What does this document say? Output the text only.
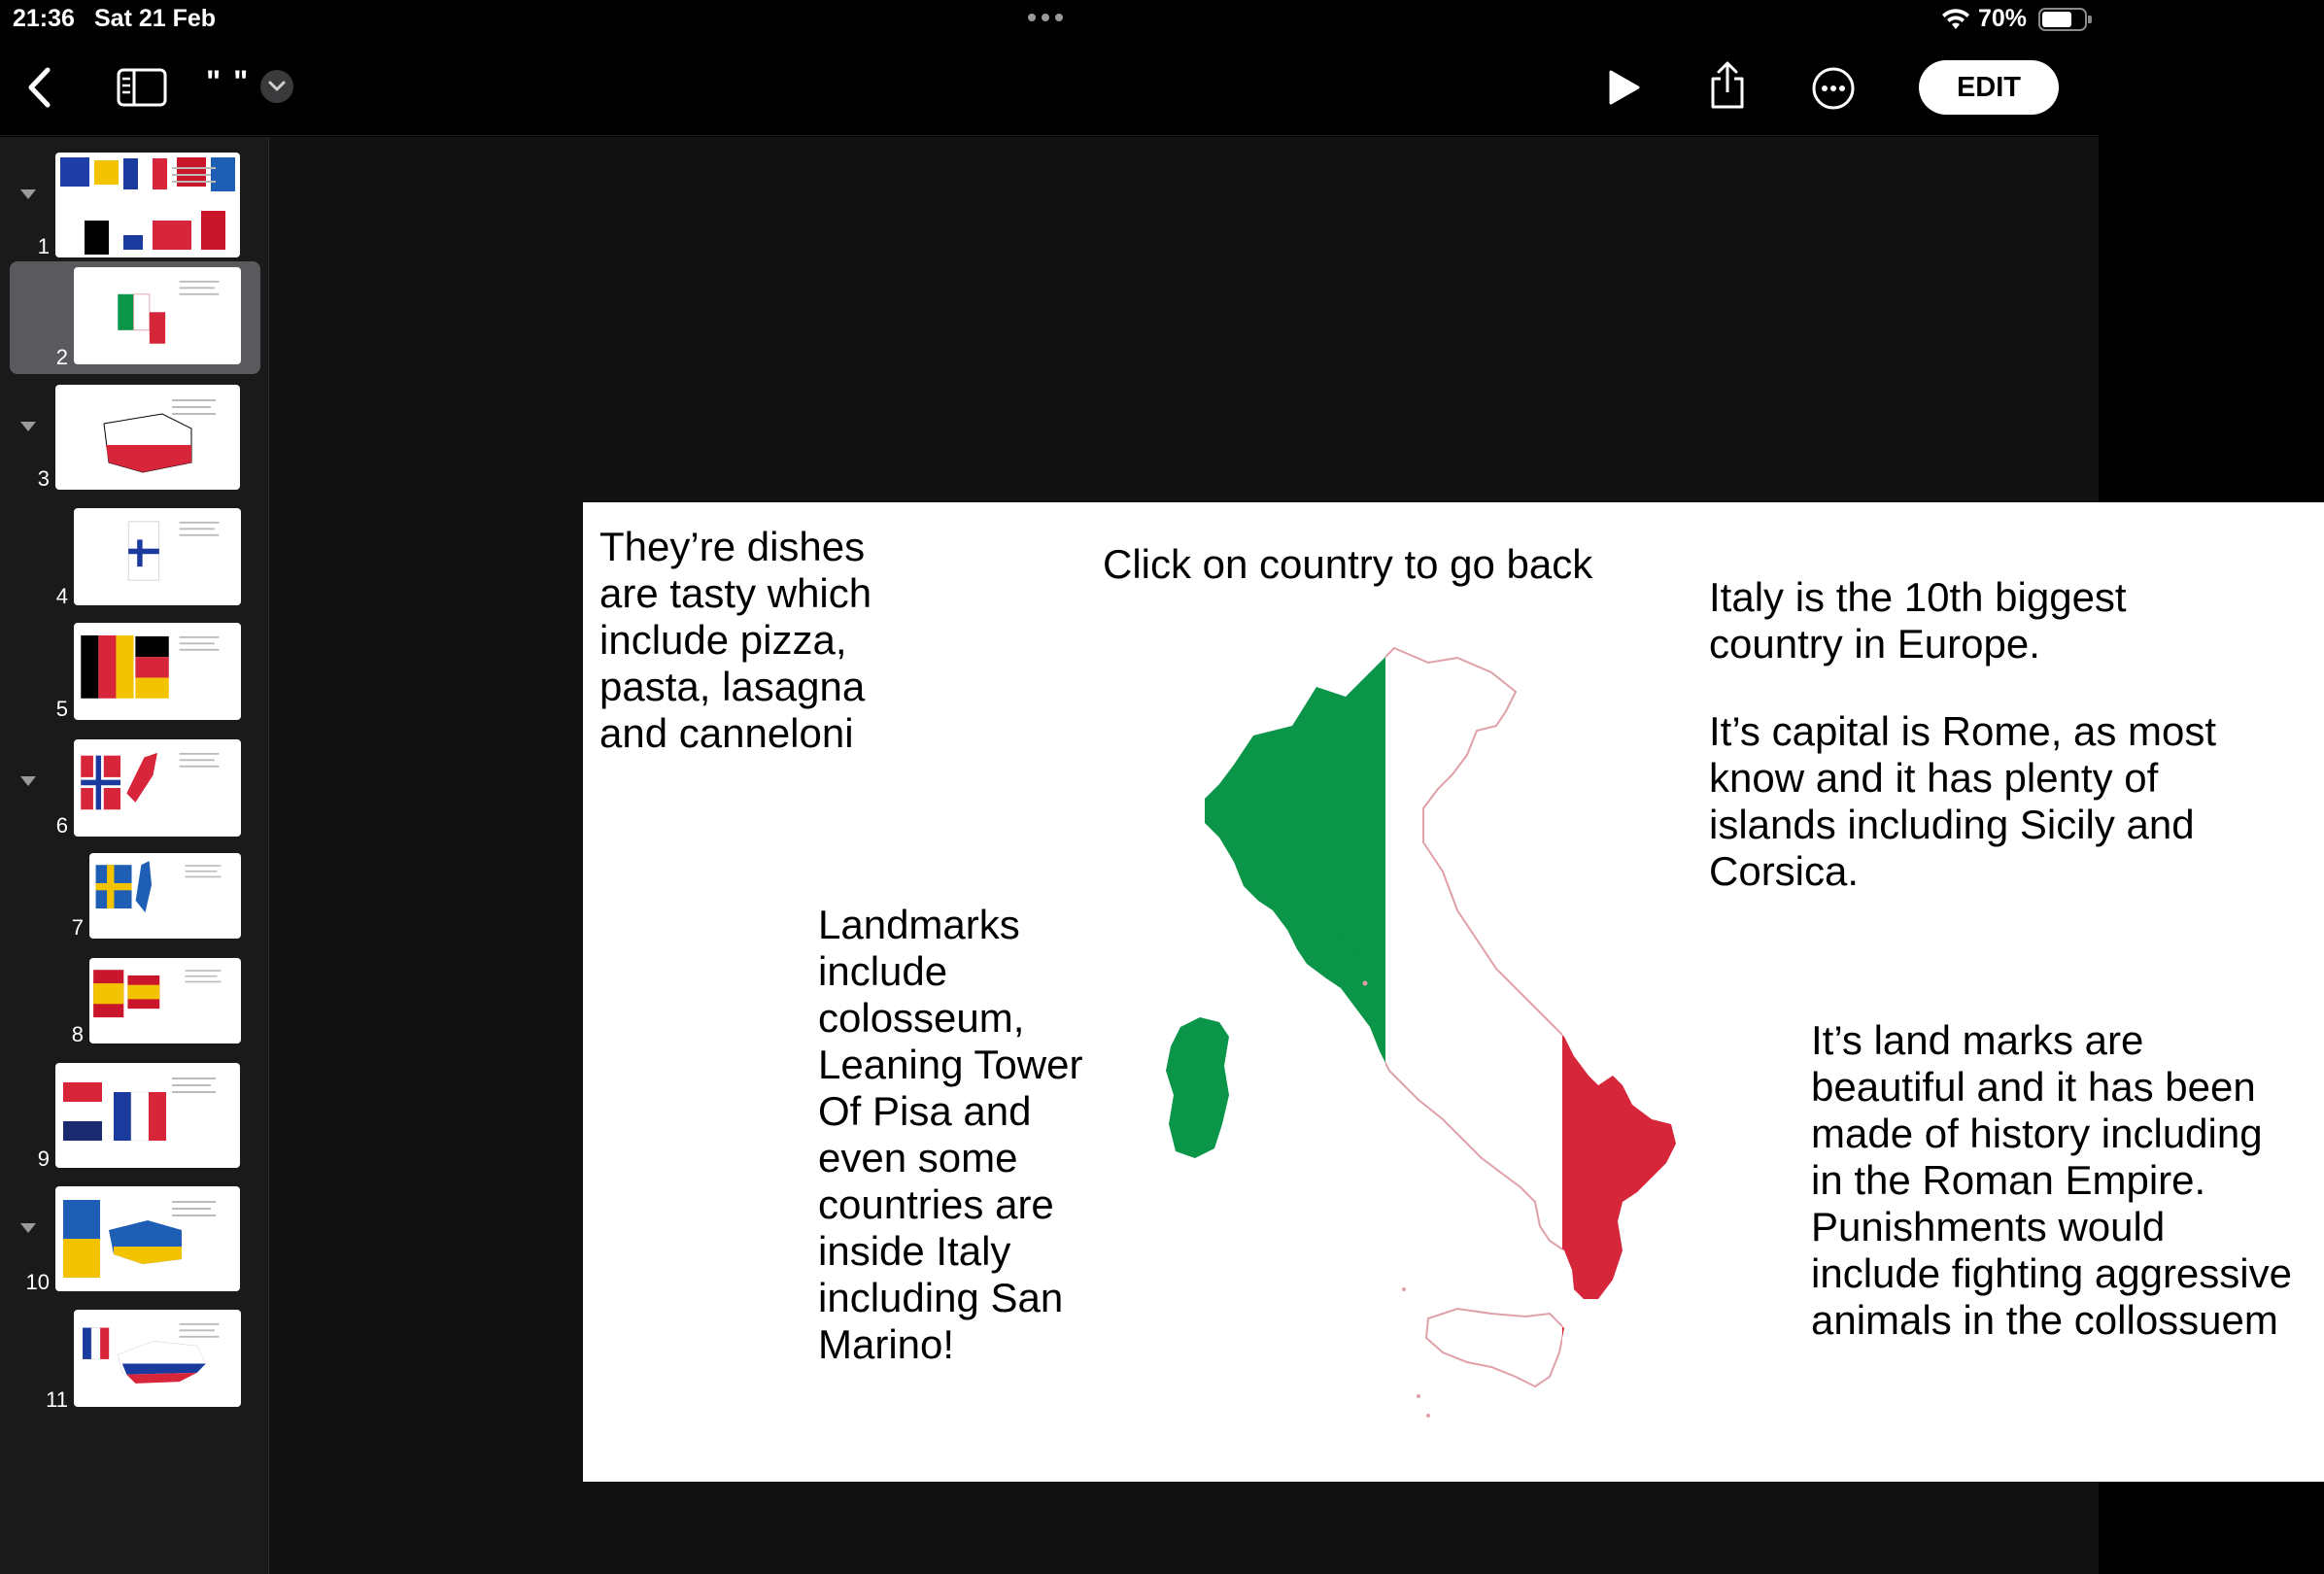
21:36 Sat 21 Feb	70%
" "	EDIT
1
2
3
4
5
6
7
8
9
10
11
They’re dishes are tasty which include pizza, pasta, lasagna and canneloni
Landmarks include colosseum, Leaning Tower Of Pisa and even some countries are inside Italy including San Marino!
Click on country to go back
Italy is the 10th biggest country in Europe.
It’s capital is Rome, as most know and it has plenty of islands including Sicily and Corsica.
It’s land marks are beautiful and it has been made of history including in the Roman Empire. Punishments would include fighting aggressive animals in the collossuem
